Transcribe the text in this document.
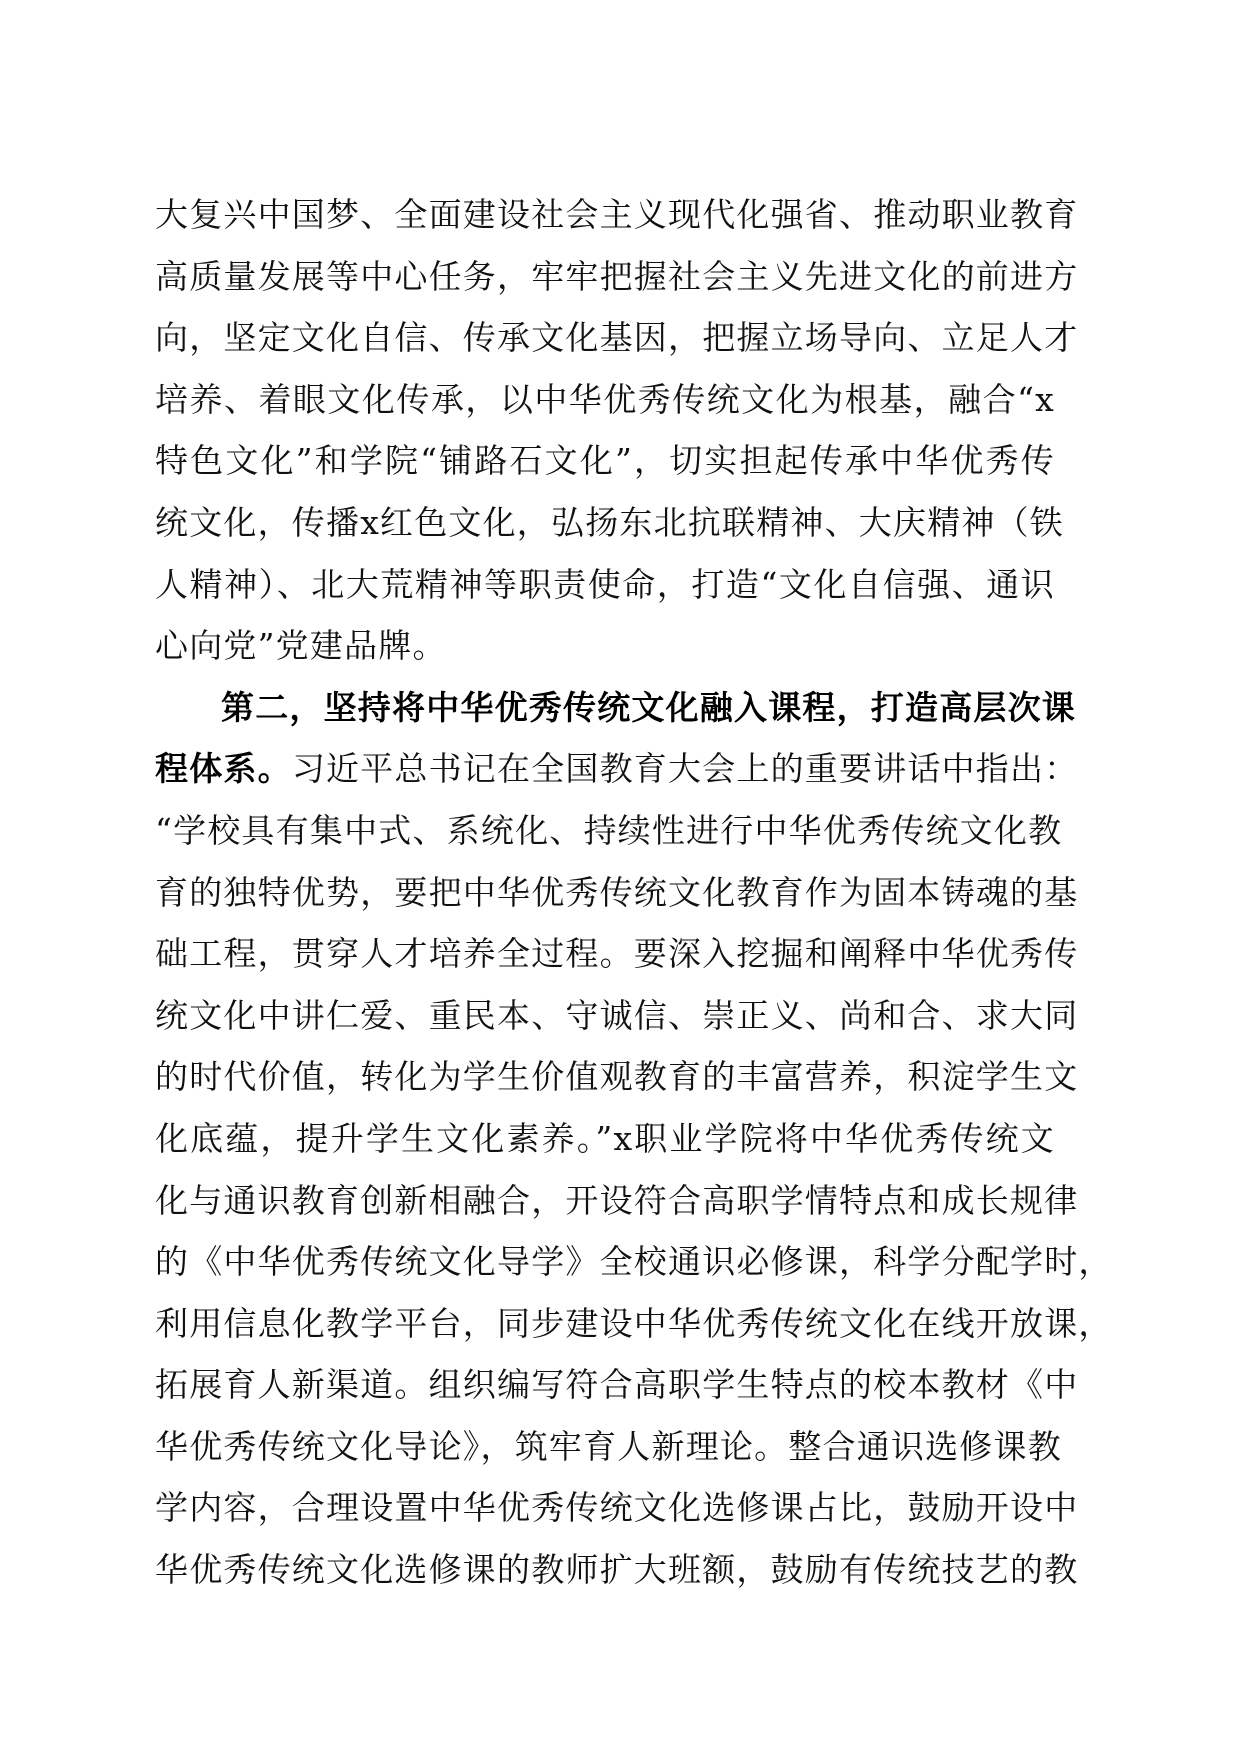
大复兴中国梦、全面建设社会主义现代化强省、推动职业教育
高质量发展等中心任务，牢牢把握社会主义先进文化的前进方
向，坚定文化自信、传承文化基因，把握立场导向、立足人才
培养、着眼文化传承，以中华优秀传统文化为根基，融合“x
特色文化”和学院“铺路石文化”，切实担起传承中华优秀传
统文化，传播x红色文化，弘扬东北抗联精神、大庆精神（铁
人精神）、北大荒精神等职责使命，打造“文化自信强、通识
心向党”党建品牌。
第二，坚持将中华优秀传统文化融入课程，打造高层次课
程体系。习近平总书记在全国教育大会上的重要讲话中指出：
“学校具有集中式、系统化、持续性进行中华优秀传统文化教
育的独特优势，要把中华优秀传统文化教育作为固本铸魂的基
础工程，贯穿人才培养全过程。要深入挖掘和阐释中华优秀传
统文化中讲仁爱、重民本、守诚信、崇正义、尚和合、求大同
的时代价值，转化为学生价值观教育的丰富营养，积淀学生文
化底蕴，提升学生文化素养。”x职业学院将中华优秀传统文
化与通识教育创新相融合，开设符合高职学情特点和成长规律
的《中华优秀传统文化导学》全校通识必修课，科学分配学时，
利用信息化教学平台，同步建设中华优秀传统文化在线开放课，
拓展育人新渠道。组织编写符合高职学生特点的校本教材《中
华优秀传统文化导论》，筑牢育人新理论。整合通识选修课教
学内容，合理设置中华优秀传统文化选修课占比，鼓励开设中
华优秀传统文化选修课的教师扩大班额，鼓励有传统技艺的教
